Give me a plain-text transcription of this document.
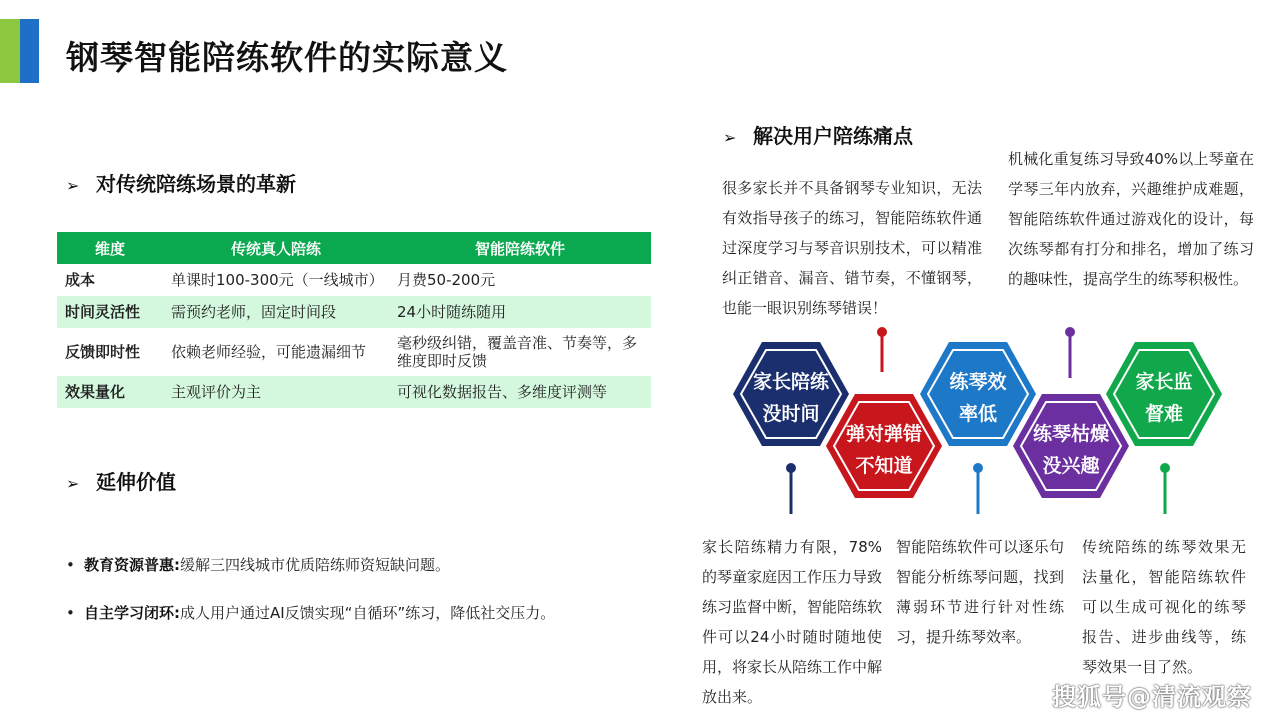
钢琴智能陪练软件的实际意义
➢ 对传统陪练场景的革新
维度	传统真人陪练	智能陪练软件
成本	单课时100-300元（一线城市）	月费50-200元
时间灵活性	需预约老师，固定时间段	24小时随练随用
反馈即时性	依赖老师经验，可能遗漏细节	毫秒级纠错，覆盖音准、节奏等，多维度即时反馈
效果量化	主观评价为主	可视化数据报告、多维度评测等
➢ 延伸价值
• 教育资源普惠:缓解三四线城市优质陪练师资短缺问题。
• 自主学习闭环:成人用户通过AI反馈实现“自循环”练习，降低社交压力。
➢ 解决用户陪练痛点
很多家长并不具备钢琴专业知识，无法有效指导孩子的练习，智能陪练软件通过深度学习与琴音识别技术，可以精准纠正错音、漏音、错节奏，不懂钢琴，也能一眼识别练琴错误！
机械化重复练习导致40%以上琴童在学琴三年内放弃，兴趣维护成难题，智能陪练软件通过游戏化的设计，每次练琴都有打分和排名，增加了练习的趣味性，提高学生的练琴积极性。
家长陪练精力有限，78%的琴童家庭因工作压力导致练习监督中断，智能陪练软件可以24小时随时随地使用，将家长从陪练工作中解放出来。
智能陪练软件可以逐乐句智能分析练琴问题，找到薄弱环节进行针对性练习，提升练琴效率。
传统陪练的练琴效果无法量化，智能陪练软件可以生成可视化的练琴报告、进步曲线等，练琴效果一目了然。
家长陪练
没时间
弹对弹错
不知道
练琴效
率低
练琴枯燥
没兴趣
家长监
督难
搜狐号@清流观察
